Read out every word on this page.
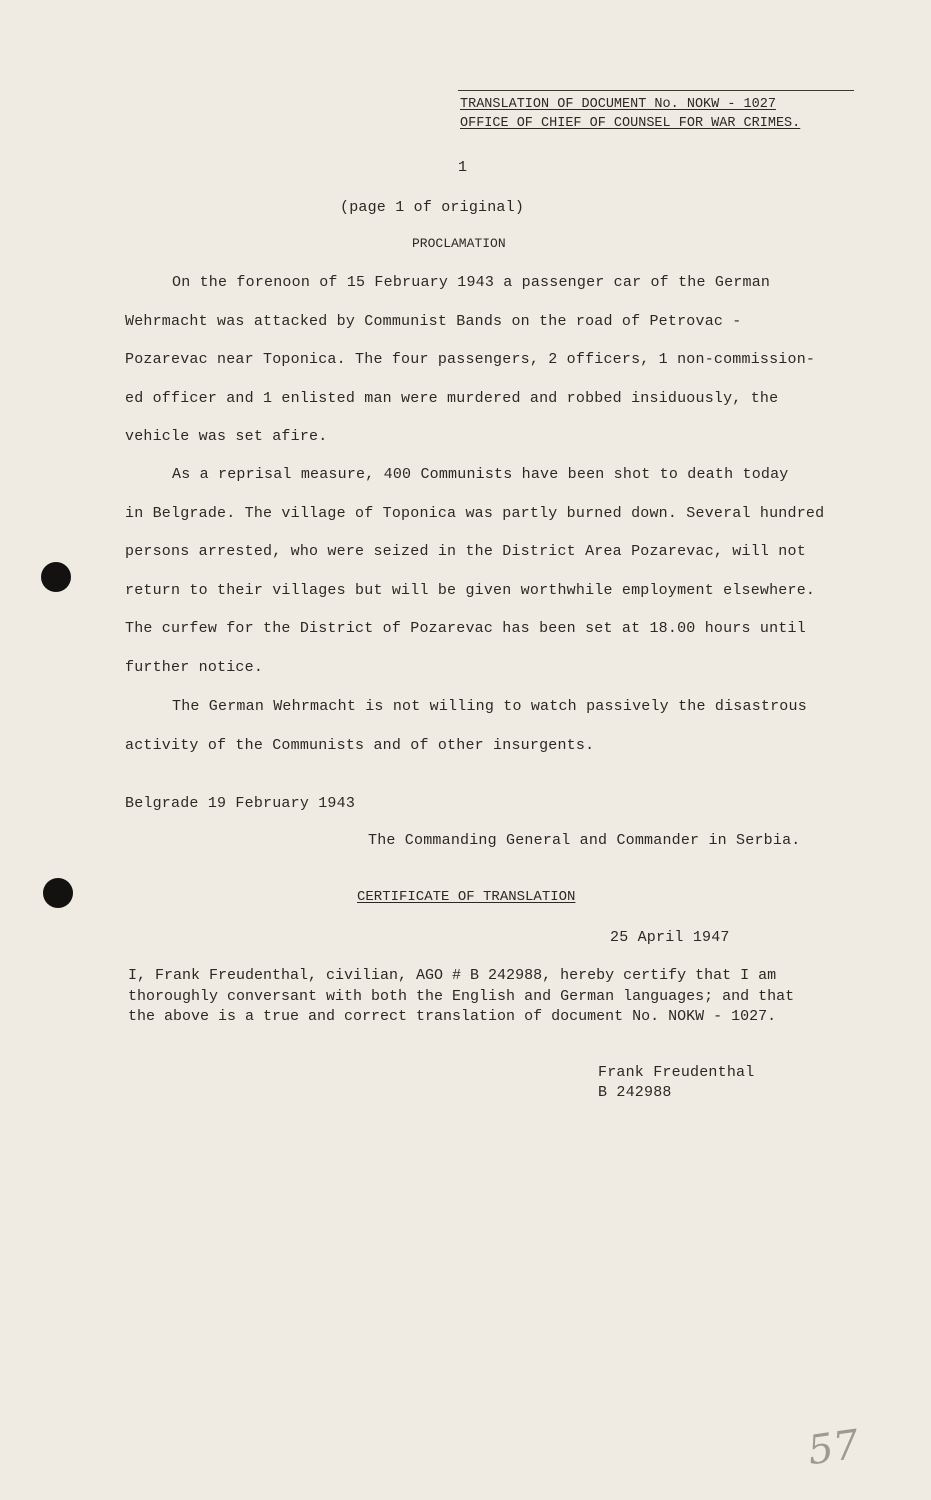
TRANSLATION OF DOCUMENT No. NOKW - 1027
OFFICE OF CHIEF OF COUNSEL FOR WAR CRIMES.
1
(page 1 of original)
PROCLAMATION
On the forenoon of 15 February 1943 a passenger car of the German
Wehrmacht was attacked by Communist Bands on the road of Petrovac -
Pozarevac near Toponica. The four passengers, 2 officers, 1 non-commission-
ed officer and 1 enlisted man were murdered and robbed insiduously, the
vehicle was set afire.
As a reprisal measure, 400 Communists have been shot to death today
in Belgrade. The village of Toponica was partly burned down. Several hundred
persons arrested, who were seized in the District Area Pozarevac, will not
return to their villages but will be given worthwhile employment elsewhere.
The curfew for the District of Pozarevac has been set at 18.00 hours until
further notice.
The German Wehrmacht is not willing to watch passively the disastrous
activity of the Communists and of other insurgents.
Belgrade 19 February 1943
The Commanding General and Commander in Serbia.
CERTIFICATE OF TRANSLATION
25 April 1947
I, Frank Freudenthal, civilian, AGO # B 242988, hereby certify that I am
thoroughly conversant with both the English and German languages; and that
the above is a true and correct translation of document No. NOKW - 1027.
Frank Freudenthal
B 242988
57
